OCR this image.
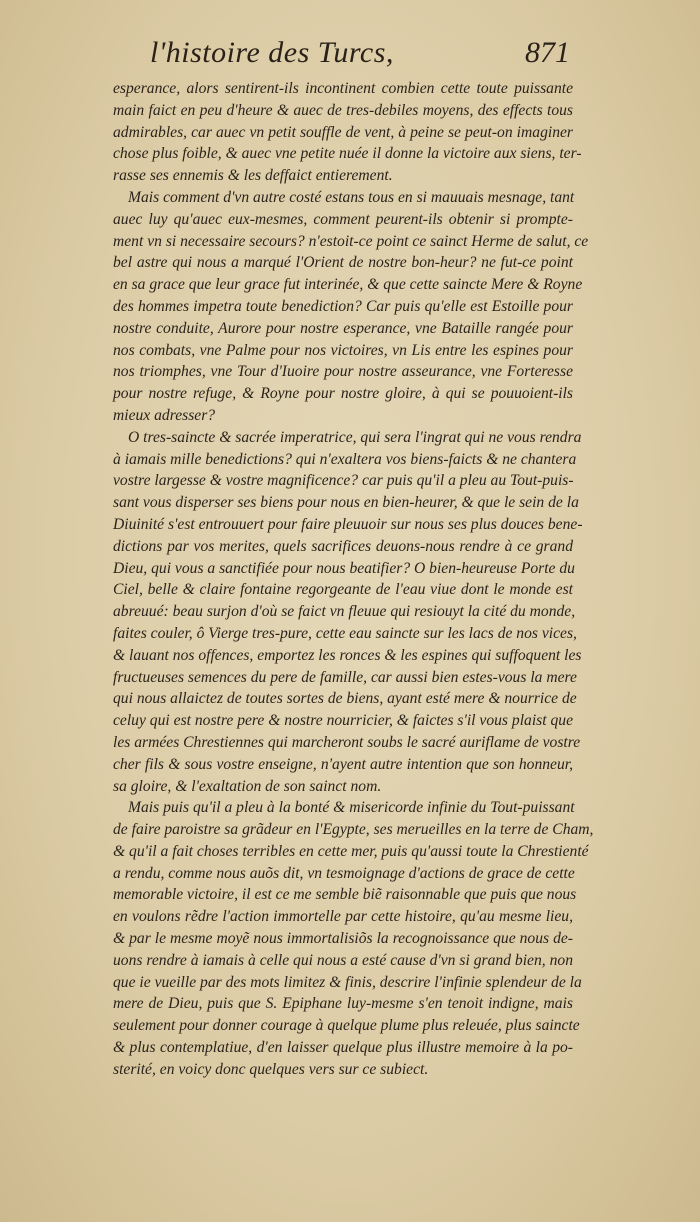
l'histoire des Turcs,	871

esperance, alors sentirent-ils incontinent combien cette toute puissante
main faict en peu d'heure & auec de tres-debiles moyens, des effects tous
admirables, car auec vn petit souffle de vent, à peine se peut-on imaginer
chose plus foible, & auec vne petite nuée il donne la victoire aux siens, ter-
rasse ses ennemis & les deffaict entierement.

Mais comment d'vn autre costé estans tous en si mauuais mesnage, tant
auec luy qu'auec eux-mesmes, comment peurent-ils obtenir si prompte-
ment vn si necessaire secours? n'estoit-ce point ce sainct Herme de salut, ce
bel astre qui nous a marqué l'Orient de nostre bon-heur? ne fut-ce point
en sa grace que leur grace fut interinée, & que cette saincte Mere & Royne
des hommes impetra toute benediction? Car puis qu'elle est Estoille pour
nostre conduite, Aurore pour nostre esperance, vne Bataille rangée pour
nos combats, vne Palme pour nos victoires, vn Lis entre les espines pour
nos triomphes, vne Tour d'Iuoire pour nostre asseurance, vne Forteresse
pour nostre refuge, & Royne pour nostre gloire, à qui se pouuoient-ils
mieux adresser?

O tres-saincte & sacrée imperatrice, qui sera l'ingrat qui ne vous rendra
à iamais mille benedictions? qui n'exaltera vos biens-faicts & ne chantera
vostre largesse & vostre magnificence? car puis qu'il a pleu au Tout-puis-
sant vous disperser ses biens pour nous en bien-heurer, & que le sein de la
Diuinité s'est entrouuert pour faire pleuuoir sur nous ses plus douces bene-
dictions par vos merites, quels sacrifices deuons-nous rendre à ce grand
Dieu, qui vous a sanctifiée pour nous beatifier? O bien-heureuse Porte du
Ciel, belle & claire fontaine regorgeante de l'eau viue dont le monde est
abreuué: beau surjon d'où se faict vn fleuue qui resiouyt la cité du monde,
faites couler, ô Vierge tres-pure, cette eau saincte sur les lacs de nos vices,
& lauant nos offences, emportez les ronces & les espines qui suffoquent les
fructueuses semences du pere de famille, car aussi bien estes-vous la mere
qui nous allaictez de toutes sortes de biens, ayant esté mere & nourrice de
celuy qui est nostre pere & nostre nourricier, & faictes s'il vous plaist que
les armées Chrestiennes qui marcheront soubs le sacré auriflame de vostre
cher fils & sous vostre enseigne, n'ayent autre intention que son honneur,
sa gloire, & l'exaltation de son sainct nom.

Mais puis qu'il a pleu à la bonté & misericorde infinie du Tout-puissant
de faire paroistre sa grãdeur en l'Egypte, ses merueilles en la terre de Cham,
& qu'il a fait choses terribles en cette mer, puis qu'aussi toute la Chrestienté
a rendu, comme nous auõs dit, vn tesmoignage d'actions de grace de cette
memorable victoire, il est ce me semble biẽ raisonnable que puis que nous
en voulons rẽdre l'action immortelle par cette histoire, qu'au mesme lieu,
& par le mesme moyẽ nous immortalisiõs la recognoissance que nous de-
uons rendre à iamais à celle qui nous a esté cause d'vn si grand bien, non
que ie vueille par des mots limitez & finis, descrire l'infinie splendeur de la
mere de Dieu, puis que S. Epiphane luy-mesme s'en tenoit indigne, mais
seulement pour donner courage à quelque plume plus releuée, plus saincte
& plus contemplatiue, d'en laisser quelque plus illustre memoire à la po-
sterité, en voicy donc quelques vers sur ce subiect.
